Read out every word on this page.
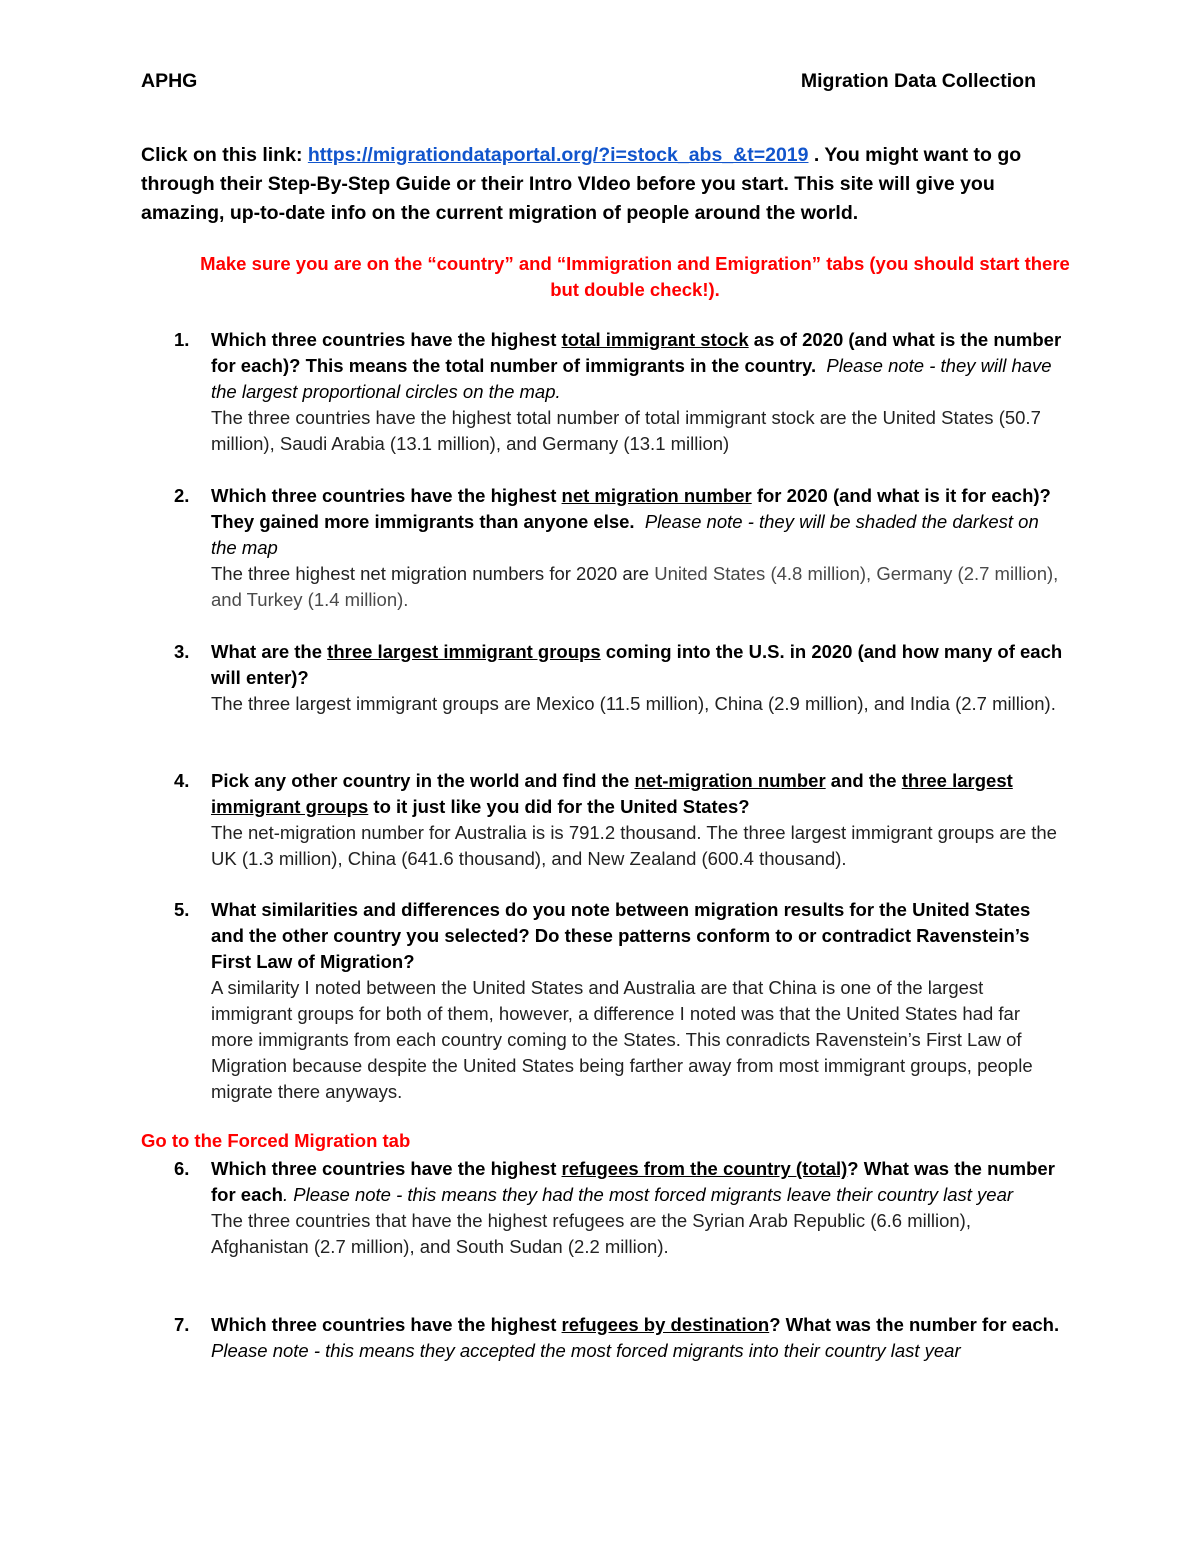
APHG	Migration Data Collection
Click on this link: https://migrationdataportal.org/?i=stock_abs_&t=2019 . You might want to go through their Step-By-Step Guide or their Intro VIdeo before you start. This site will give you amazing, up-to-date info on the current migration of people around the world.
Make sure you are on the “country” and “Immigration and Emigration” tabs (you should start there but double check!).
1. Which three countries have the highest total immigrant stock as of 2020 (and what is the number for each)? This means the total number of immigrants in the country. Please note - they will have the largest proportional circles on the map.
The three countries have the highest total number of total immigrant stock are the United States (50.7 million), Saudi Arabia (13.1 million), and Germany (13.1 million)
2. Which three countries have the highest net migration number for 2020 (and what is it for each)? They gained more immigrants than anyone else. Please note - they will be shaded the darkest on the map
The three highest net migration numbers for 2020 are United States (4.8 million), Germany (2.7 million), and Turkey (1.4 million).
3. What are the three largest immigrant groups coming into the U.S. in 2020 (and how many of each will enter)?
The three largest immigrant groups are Mexico (11.5 million), China (2.9 million), and India (2.7 million).
4. Pick any other country in the world and find the net-migration number and the three largest immigrant groups to it just like you did for the United States?
The net-migration number for Australia is is 791.2 thousand. The three largest immigrant groups are the UK (1.3 million), China (641.6 thousand), and New Zealand (600.4 thousand).
5. What similarities and differences do you note between migration results for the United States and the other country you selected? Do these patterns conform to or contradict Ravenstein’s First Law of Migration?
A similarity I noted between the United States and Australia are that China is one of the largest immigrant groups for both of them, however, a difference I noted was that the United States had far more immigrants from each country coming to the States. This conradicts Ravenstein’s First Law of Migration because despite the United States being farther away from most immigrant groups, people migrate there anyways.
Go to the Forced Migration tab
6. Which three countries have the highest refugees from the country (total)? What was the number for each. Please note - this means they had the most forced migrants leave their country last year
The three countries that have the highest refugees are the Syrian Arab Republic (6.6 million), Afghanistan (2.7 million), and South Sudan (2.2 million).
7. Which three countries have the highest refugees by destination? What was the number for each. Please note - this means they accepted the most forced migrants into their country last year
